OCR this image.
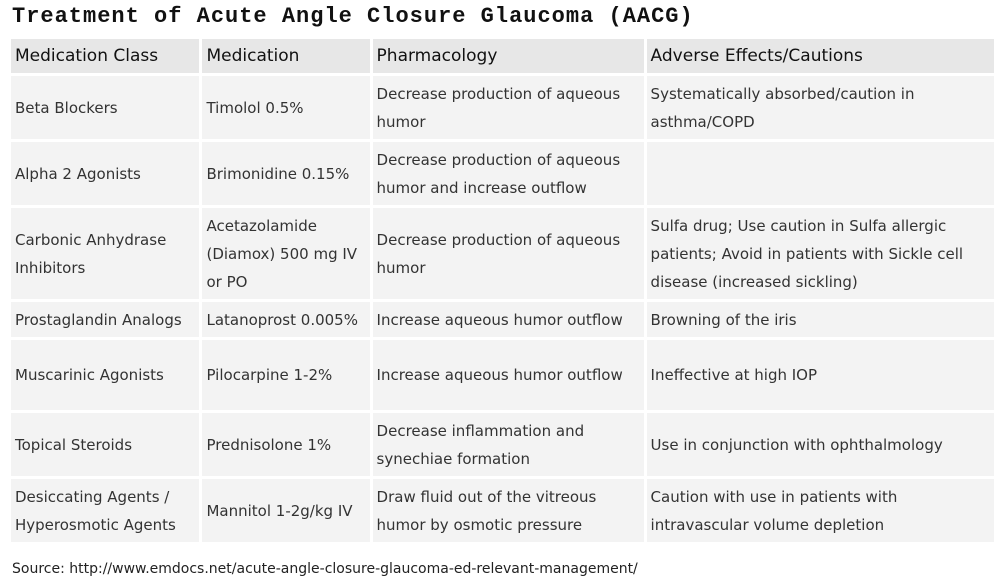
Treatment of Acute Angle Closure Glaucoma (AACG)
Medication Class	Medication	Pharmacology	Adverse Effects/Cautions
Beta Blockers	Timolol 0.5%	Decrease production of aqueous humor	Systematically absorbed/caution in asthma/COPD
Alpha 2 Agonists	Brimonidine 0.15%	Decrease production of aqueous humor and increase outflow	
Carbonic Anhydrase Inhibitors	Acetazolamide (Diamox) 500 mg IV or PO	Decrease production of aqueous humor	Sulfa drug; Use caution in Sulfa allergic patients; Avoid in patients with Sickle cell disease (increased sickling)
Prostaglandin Analogs	Latanoprost 0.005%	Increase aqueous humor outflow	Browning of the iris
Muscarinic Agonists	Pilocarpine 1-2%	Increase aqueous humor outflow	Ineffective at high IOP
Topical Steroids	Prednisolone 1%	Decrease inflammation and synechiae formation	Use in conjunction with ophthalmology
Desiccating Agents / Hyperosmotic Agents	Mannitol 1-2g/kg IV	Draw fluid out of the vitreous humor by osmotic pressure	Caution with use in patients with intravascular volume depletion
Source: http://www.emdocs.net/acute-angle-closure-glaucoma-ed-relevant-management/
